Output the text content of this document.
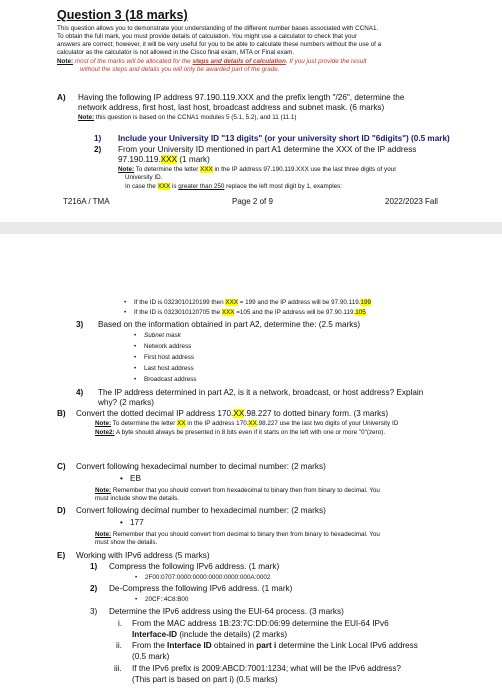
Question 3 (18 marks)
This question allows you to demonstrate your understanding of the different number bases associated with CCNA1.
To obtain the full mark, you must provide details of calculation. You might use a calculator to check that your
answers are correct; however, it will be very useful for you to be able to calculate these numbers without the use of a
calculator as the calculator is not allowed in the Cisco final exam, MTA or Final exam.
Note: most of the marks will be allocated for the steps and details of calculation. If you just provide the result
without the steps and details you will only be awarded part of the grade.
A) Having the following IP address 97.190.119.XXX and the prefix length "/26", determine the
network address, first host, last host, broadcast address and subnet mask. (6 marks)
Note: this question is based on the CCNA1 modules 5 (5.1, 5.2), and 11 (11.1)
1) Include your University ID "13 digits" (or your university short ID "6digits") (0.5 mark)
2) From your University ID mentioned in part A1 determine the XXX of the IP address
97.190.119.XXX (1 mark)
Note: To determine the letter XXX in the IP address 97.190.119.XXX use the last three digits of your
University ID.
In case the XXX is greater than 250 replace the left most digit by 1, examples:
T216A / TMA	Page 2 of 9	2022/2023 Fall
• If the ID is 0323010120199 then XXX = 199 and the IP address will be 97.90.119.199
• If the ID is 0323010120705 the XXX =105 and the IP address will be 97.90.119.105
3) Based on the information obtained in part A2, determine the: (2.5 marks)
• Subnet mask
• Network address
• First host address
• Last host address
• Broadcast address
4) The IP address determined in part A2, is it a network, broadcast, or host address? Explain
why? (2 marks)
B) Convert the dotted decimal IP address 170.XX.98.227 to dotted binary form. (3 marks)
Note: To determine the letter XX in the IP address 170.XX.98.227 use the last two digits of your University ID
Note2: A byte should always be presented in 8 bits even if it starts on the left with one or more "0"(zero).
C) Convert following hexadecimal number to decimal number: (2 marks)
• EB
Note: Remember that you should convert from hexadecimal to binary then from binary to decimal. You
must include show the details.
D) Convert following decimal number to hexadecimal number: (2 marks)
• 177
Note: Remember that you should convert from decimal to binary then from binary to hexadecimal. You
must show the details.
E) Working with IPv6 address (5 marks)
1) Compress the following IPv6 address. (1 mark)
• 2F00:0707:0000:0000:0000:0000:000A:0002
2) De-Compress the following IPv6 address. (1 mark)
• 20CF::4C8:B00
3) Determine the IPv6 address using the EUI-64 process. (3 marks)
i. From the MAC address 1B:23:7C:DD:06:99 determine the EUI-64 IPv6
Interface-ID (include the details) (2 marks)
ii. From the Interface ID obtained in part i determine the Link Local IPv6 address
(0.5 mark)
iii. If the IPv6 prefix is 2009:ABCD:7001:1234; what will be the IPv6 address?
(This part is based on part i) (0.5 marks)
